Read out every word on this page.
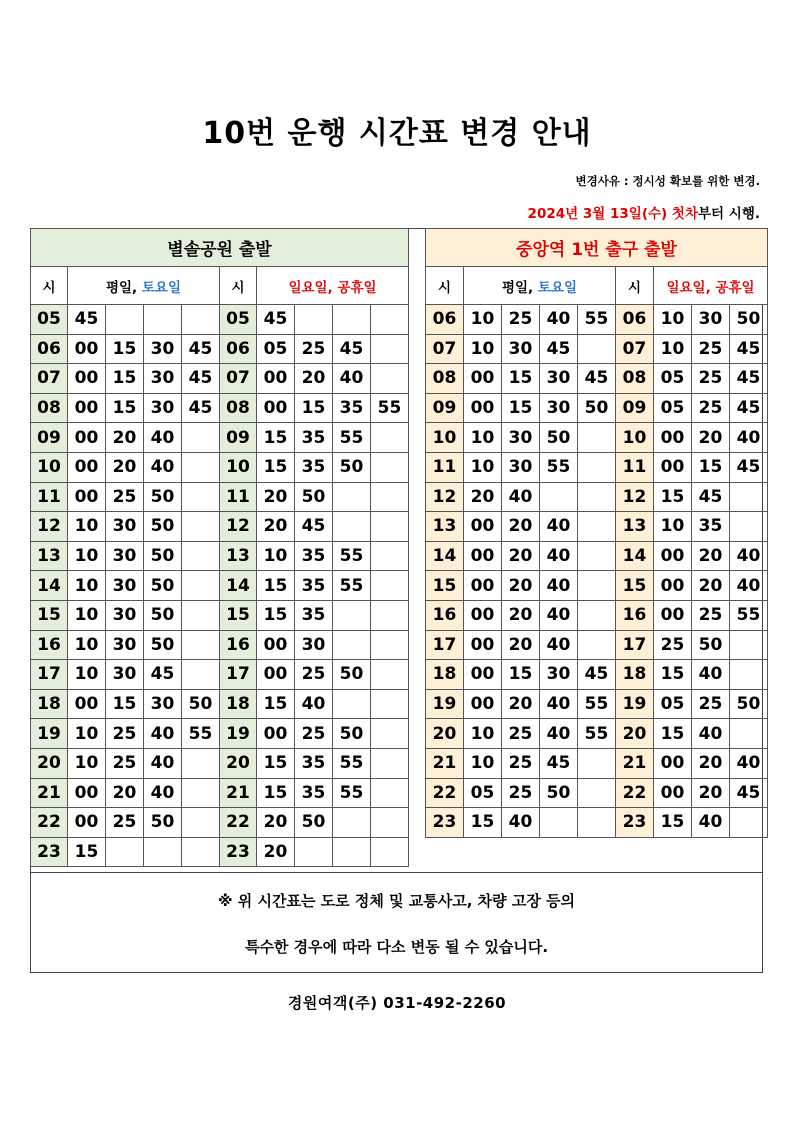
10번 운행 시간표 변경 안내
변경사유 : 정시성 확보를 위한 변경.
2024년 3월 13일(수) 첫차부터 시행.
별솔공원 출발									
시	평일, 토요일				시	일요일, 공휴일			
05	45				05	45			
06	00	15	30	45	06	05	25	45	
07	00	15	30	45	07	00	20	40	
08	00	15	30	45	08	00	15	35	55
09	00	20	40		09	15	35	55	
10	00	20	40		10	15	35	50	
11	00	25	50		11	20	50		
12	10	30	50		12	20	45		
13	10	30	50		13	10	35	55	
14	10	30	50		14	15	35	55	
15	10	30	50		15	15	35		
16	10	30	50		16	00	30		
17	10	30	45		17	00	25	50	
18	00	15	30	50	18	15	40		
19	10	25	40	55	19	00	25	50	
20	10	25	40		20	15	35	55	
21	00	20	40		21	15	35	55	
22	00	25	50		22	20	50		
23	15				23	20			
중앙역 1번 출구 출발								
시	평일, 토요일				시	일요일, 공휴일		
06	10	25	40	55	06	10	30	50
07	10	30	45		07	10	25	45
08	00	15	30	45	08	05	25	45
09	00	15	30	50	09	05	25	45
10	10	30	50		10	00	20	40
11	10	30	55		11	00	15	45
12	20	40			12	15	45	
13	00	20	40		13	10	35	
14	00	20	40		14	00	20	40
15	00	20	40		15	00	20	40
16	00	20	40		16	00	25	55
17	00	20	40		17	25	50	
18	00	15	30	45	18	15	40	
19	00	20	40	55	19	05	25	50
20	10	25	40	55	20	15	40	
21	10	25	45		21	00	20	40
22	05	25	50		22	00	20	45
23	15	40			23	15	40	
※ 위 시간표는 도로 정체 및 교통사고, 차량 고장 등의
특수한 경우에 따라 다소 변동 될 수 있습니다.
경원여객(주) 031-492-2260
